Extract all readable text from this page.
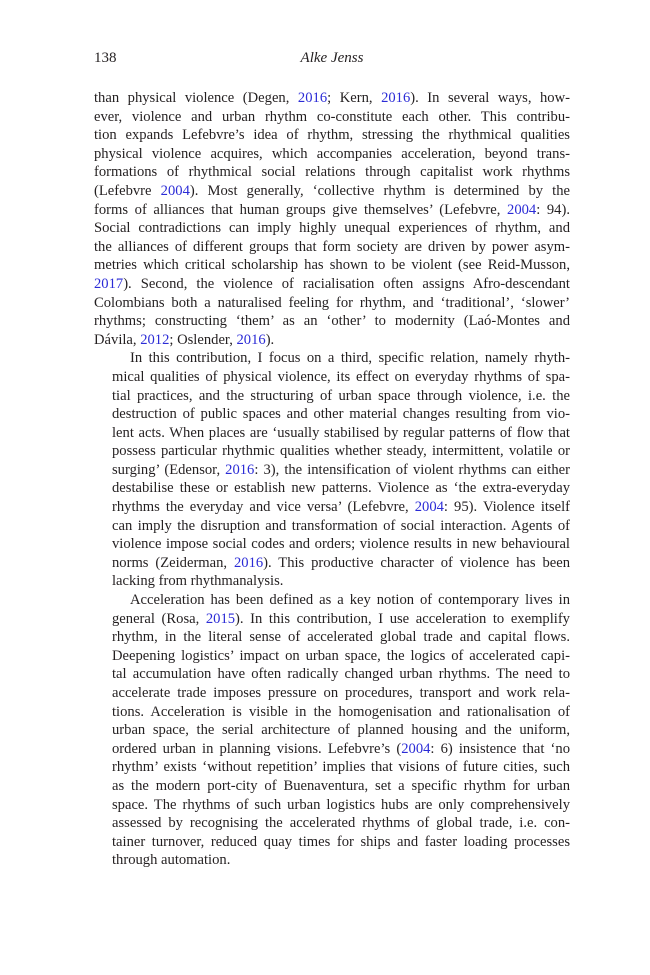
138	Alke Jenss

than physical violence (Degen, 2016; Kern, 2016). In several ways, how-
ever, violence and urban rhythm co-constitute each other. This contribu-
tion expands Lefebvre’s idea of rhythm, stressing the rhythmical qualities
physical violence acquires, which accompanies acceleration, beyond trans-
formations of rhythmical social relations through capitalist work rhythms
(Lefebvre 2004). Most generally, ‘collective rhythm is determined by the
forms of alliances that human groups give themselves’ (Lefebvre, 2004: 94).
Social contradictions can imply highly unequal experiences of rhythm, and
the alliances of different groups that form society are driven by power asym-
metries which critical scholarship has shown to be violent (see Reid-Musson,
2017). Second, the violence of racialisation often assigns Afro-descendant
Colombians both a naturalised feeling for rhythm, and ‘traditional’, ‘slower’
rhythms; constructing ‘them’ as an ‘other’ to modernity (Laó-Montes and
Dávila, 2012; Oslender, 2016).

In this contribution, I focus on a third, specific relation, namely rhyth-
mical qualities of physical violence, its effect on everyday rhythms of spa-
tial practices, and the structuring of urban space through violence, i.e. the
destruction of public spaces and other material changes resulting from vio-
lent acts. When places are ‘usually stabilised by regular patterns of flow that
possess particular rhythmic qualities whether steady, intermittent, volatile or
surging’ (Edensor, 2016: 3), the intensification of violent rhythms can either
destabilise these or establish new patterns. Violence as ‘the extra-everyday
rhythms the everyday and vice versa’ (Lefebvre, 2004: 95). Violence itself
can imply the disruption and transformation of social interaction. Agents of
violence impose social codes and orders; violence results in new behavioural
norms (Zeiderman, 2016). This productive character of violence has been
lacking from rhythmanalysis.

Acceleration has been defined as a key notion of contemporary lives in
general (Rosa, 2015). In this contribution, I use acceleration to exemplify
rhythm, in the literal sense of accelerated global trade and capital flows.
Deepening logistics’ impact on urban space, the logics of accelerated capi-
tal accumulation have often radically changed urban rhythms. The need to
accelerate trade imposes pressure on procedures, transport and work rela-
tions. Acceleration is visible in the homogenisation and rationalisation of
urban space, the serial architecture of planned housing and the uniform,
ordered urban in planning visions. Lefebvre’s (2004: 6) insistence that ‘no
rhythm’ exists ‘without repetition’ implies that visions of future cities, such
as the modern port-city of Buenaventura, set a specific rhythm for urban
space. The rhythms of such urban logistics hubs are only comprehensively
assessed by recognising the accelerated rhythms of global trade, i.e. con-
tainer turnover, reduced quay times for ships and faster loading processes
through automation.
